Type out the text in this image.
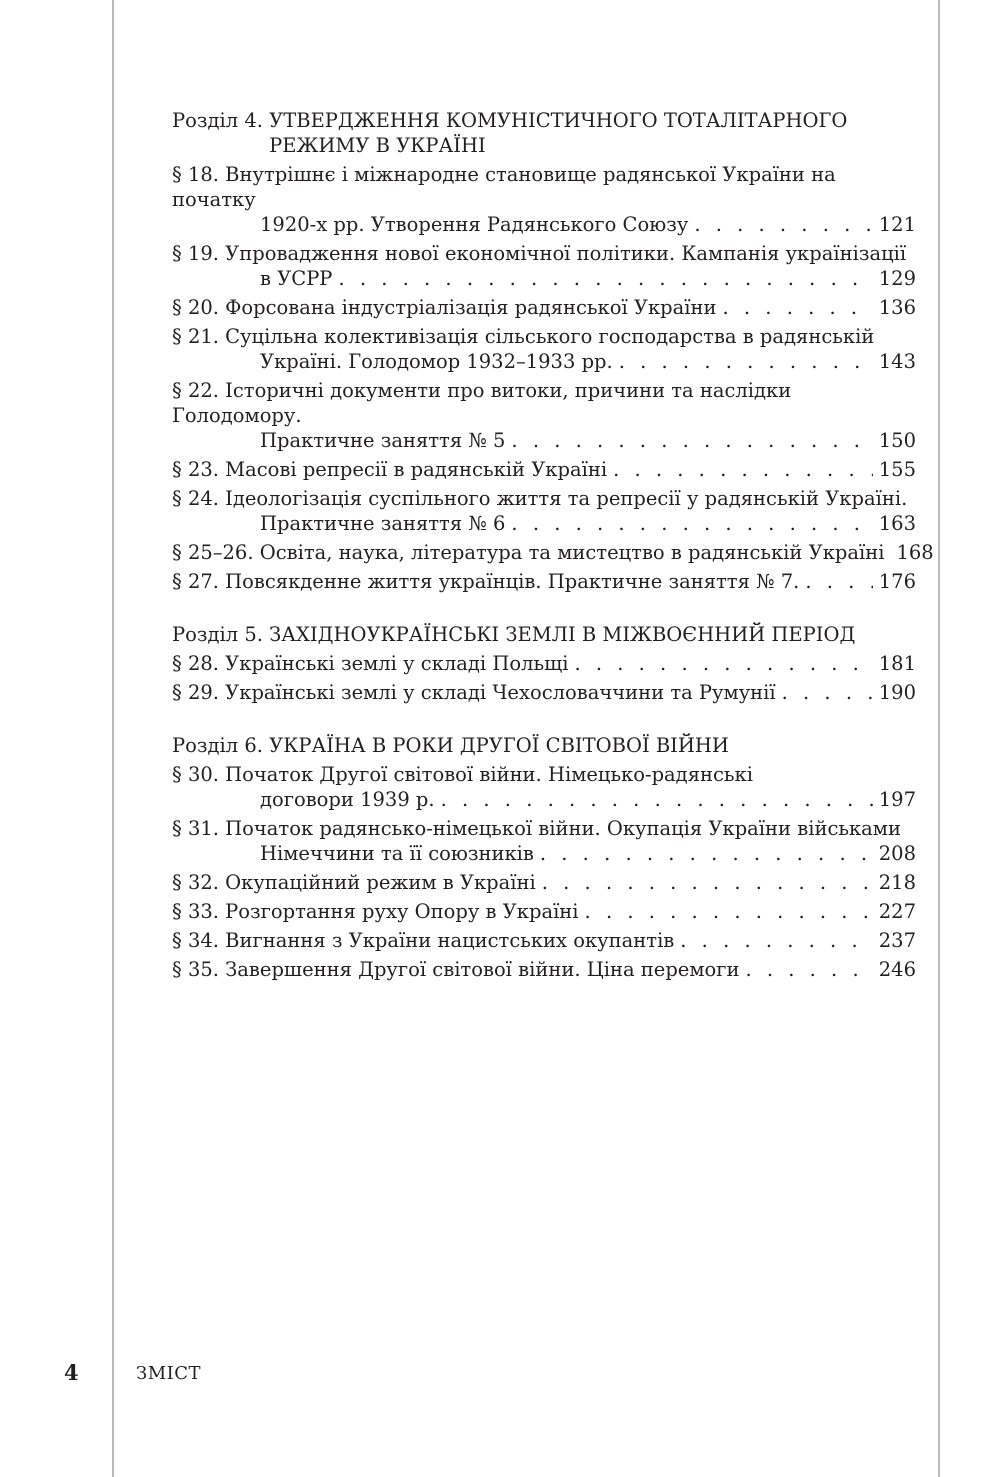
Розділ 4.
УТВЕРДЖЕННЯ КОМУНІСТИЧНОГО ТОТАЛІТАРНОГО РЕЖИМУ В УКРАЇНІ
§ 18. Внутрішнє і міжнародне становище радянської України на початку
1920-х рр. Утворення Радянського Союзу . . .	121
§ 19. Упровадження нової економічної політики. Кампанія українізації
в УСРР . . .	129
§ 20. Форсована індустріалізація радянської України . . .	136
§ 21. Суцільна колективізація сільського господарства в радянській
Україні. Голодомор 1932–1933 рр. . . .	143
§ 22. Історичні документи про витоки, причини та наслідки Голодомору.
Практичне заняття № 5 . . .	150
§ 23. Масові репресії в радянській Україні . . .	155
§ 24. Ідеологізація суспільного життя та репресії у радянській Україні.
Практичне заняття № 6 . . .	163
§ 25–26. Освіта, наука, література та мистецтво в радянській Україні 168
§ 27. Повсякденне життя українців. Практичне заняття № 7. . . .	176
Розділ 5.
ЗАХІДНОУКРАЇНСЬКІ ЗЕМЛІ В МІЖВОЄННИЙ ПЕРІОД
§ 28. Українські землі у складі Польщі . . .	181
§ 29. Українські землі у складі Чехословаччини та Румунії . . .	190
Розділ 6.
УКРАЇНА В РОКИ ДРУГОЇ СВІТОВОЇ ВІЙНИ
§ 30. Початок Другої світової війни. Німецько-радянські
договори 1939 р. . . .	197
§ 31. Початок радянсько-німецької війни. Окупація України військами
Німеччини та її союзників . . .	208
§ 32. Окупаційний режим в Україні . . .	218
§ 33. Розгортання руху Опору в Україні . . .	227
§ 34. Вигнання з України нацистських окупантів . . .	237
§ 35. Завершення Другої світової війни. Ціна перемоги . . .	246
4	ЗМІСТ
